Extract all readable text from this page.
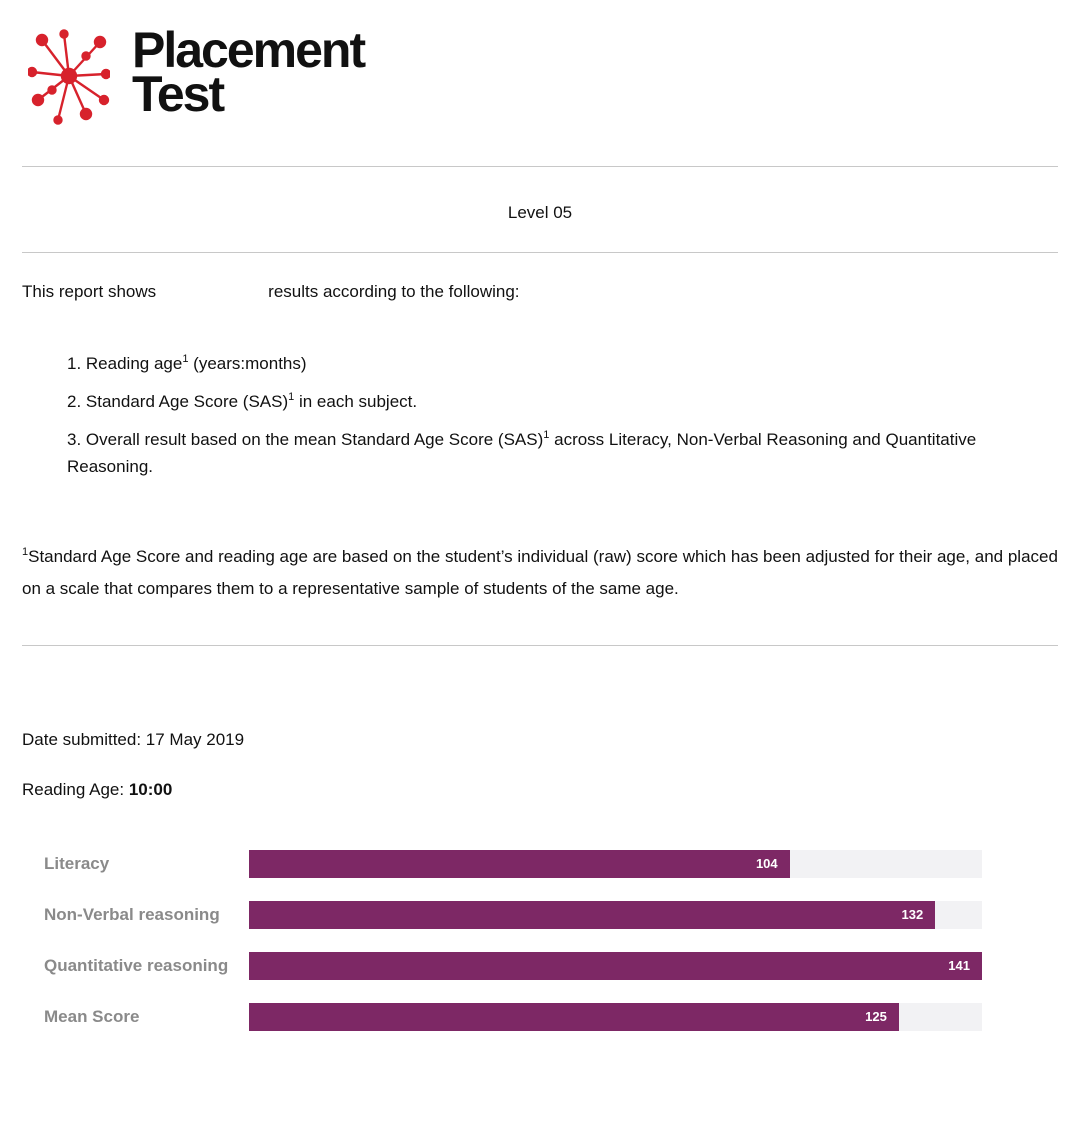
Placement
Test
Level 05
This report shows	results according to the following:
1. Reading age$^1$ (years:months)
2. Standard Age Score (SAS)$^1$ in each subject.
3. Overall result based on the mean Standard Age Score (SAS)$^1$ across Literacy, Non-Verbal Reasoning and Quantitative Reasoning.
$^1$Standard Age Score and reading age are based on the student’s individual (raw) score which has been adjusted for their age, and placed on a scale that compares them to a representative sample of students of the same age.
Date submitted: 17 May 2019
Reading Age: 10:00
Literacy	104
Non-Verbal reasoning	132
Quantitative reasoning	141
Mean Score	125
